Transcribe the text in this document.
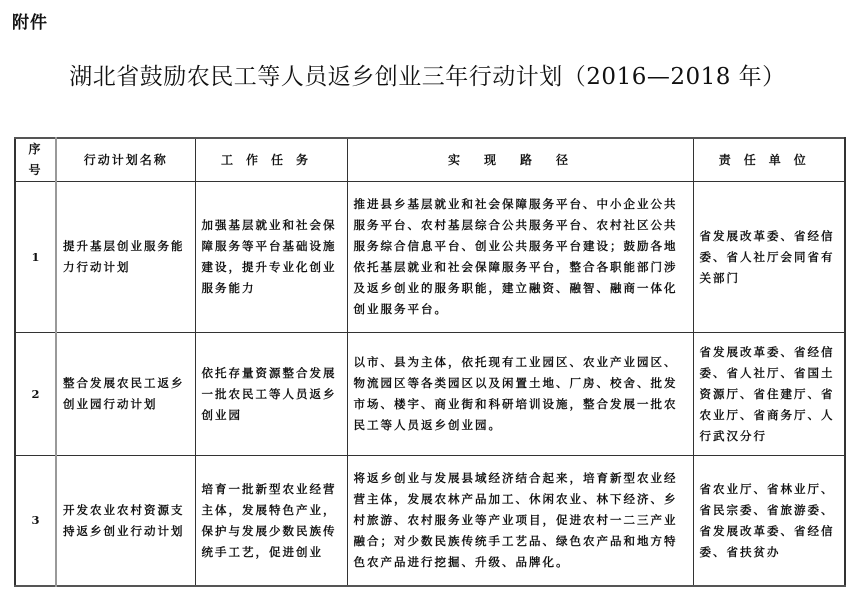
附件
湖北省鼓励农民工等人员返乡创业三年行动计划（2016—2018 年）
序号	行动计划名称	工作任务	实现路径	责任单位
1	提升基层创业服务能力行动计划	加强基层就业和社会保障服务等平台基础设施建设，提升专业化创业服务能力	推进县乡基层就业和社会保障服务平台、中小企业公共服务平台、农村基层综合公共服务平台、农村社区公共服务综合信息平台、创业公共服务平台建设；鼓励各地依托基层就业和社会保障服务平台，整合各职能部门涉及返乡创业的服务职能，建立融资、融智、融商一体化创业服务平台。	省发展改革委、省经信委、省人社厅会同省有关部门
2	整合发展农民工返乡创业园行动计划	依托存量资源整合发展一批农民工等人员返乡创业园	以市、县为主体，依托现有工业园区、农业产业园区、物流园区等各类园区以及闲置土地、厂房、校舍、批发市场、楼宇、商业街和科研培训设施，整合发展一批农民工等人员返乡创业园。	省发展改革委、省经信委、省人社厅、省国土资源厅、省住建厅、省农业厅、省商务厅、人行武汉分行
3	开发农业农村资源支持返乡创业行动计划	培育一批新型农业经营主体，发展特色产业，保护与发展少数民族传统手工艺，促进创业	将返乡创业与发展县域经济结合起来，培育新型农业经营主体，发展农林产品加工、休闲农业、林下经济、乡村旅游、农村服务业等产业项目，促进农村一二三产业融合；对少数民族传统手工艺品、绿色农产品和地方特色农产品进行挖掘、升级、品牌化。	省农业厅、省林业厅、省民宗委、省旅游委、省发展改革委、省经信委、省扶贫办
